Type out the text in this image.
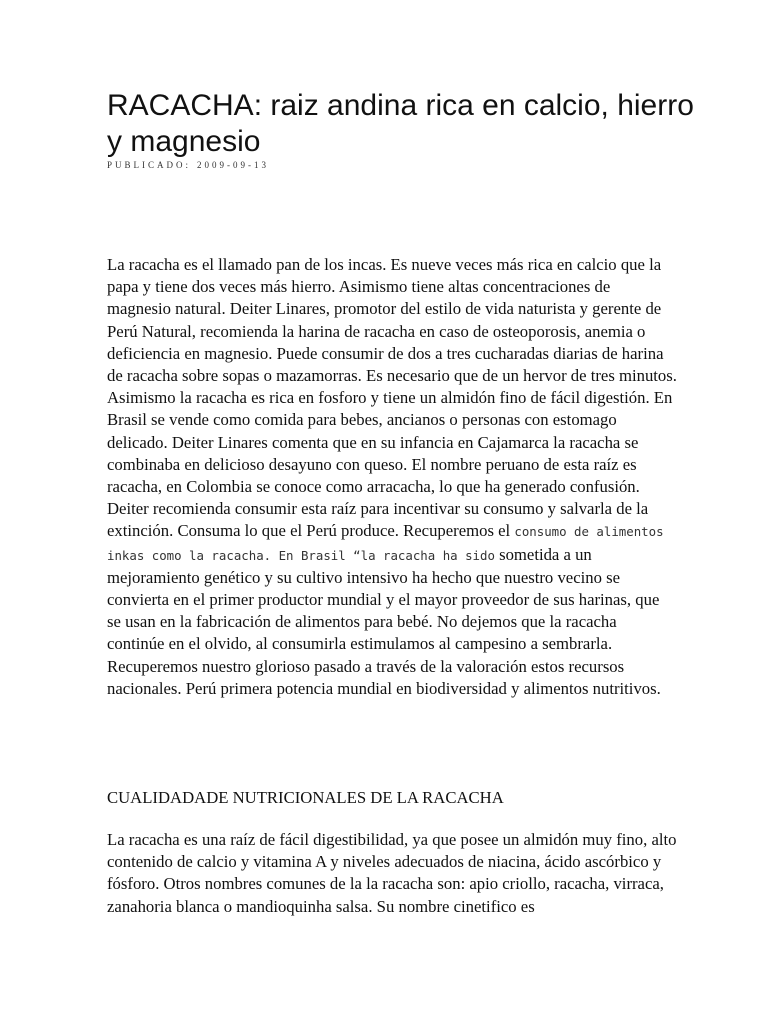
RACACHA: raiz andina rica en calcio, hierro y magnesio
PUBLICADO: 2009-09-13

La racacha es el llamado pan de los incas. Es nueve veces más rica en calcio que la papa y tiene dos veces más hierro. Asimismo tiene altas concentraciones de magnesio natural. Deiter Linares, promotor del estilo de vida naturista y gerente de Perú Natural, recomienda la harina de racacha en caso de osteoporosis, anemia o deficiencia en magnesio. Puede consumir de dos a tres cucharadas diarias de harina de racacha sobre sopas o mazamorras. Es necesario que de un hervor de tres minutos. Asimismo la racacha es rica en fosforo y tiene un almidón fino de fácil digestión. En Brasil se vende como comida para bebes, ancianos o personas con estomago delicado. Deiter Linares comenta que en su infancia en Cajamarca la racacha se combinaba en delicioso desayuno con queso. El nombre peruano de esta raíz es racacha, en Colombia se conoce como arracacha, lo que ha generado confusión. Deiter recomienda consumir esta raíz para incentivar su consumo y salvarla de la extinción. Consuma lo que el Perú produce. Recuperemos el consumo de alimentos inkas como la racacha. En Brasil “la racacha ha sido sometida a un mejoramiento genético y su cultivo intensivo ha hecho que nuestro vecino se convierta en el primer productor mundial y el mayor proveedor de sus harinas, que se usan en la fabricación de alimentos para bebé. No dejemos que la racacha continúe en el olvido, al consumirla estimulamos al campesino a sembrarla. Recuperemos nuestro glorioso pasado a través de la valoración estos recursos nacionales. Perú primera potencia mundial en biodiversidad y alimentos nutritivos.

CUALIDADADE NUTRICIONALES DE LA RACACHA

La racacha es una raíz de fácil digestibilidad, ya que posee un almidón muy fino, alto contenido de calcio y vitamina A y niveles adecuados de niacina, ácido ascórbico y fósforo. Otros nombres comunes de la la racacha son: apio criollo, racacha, virraca, zanahoria blanca o mandioquinha salsa. Su nombre cinetifico es
